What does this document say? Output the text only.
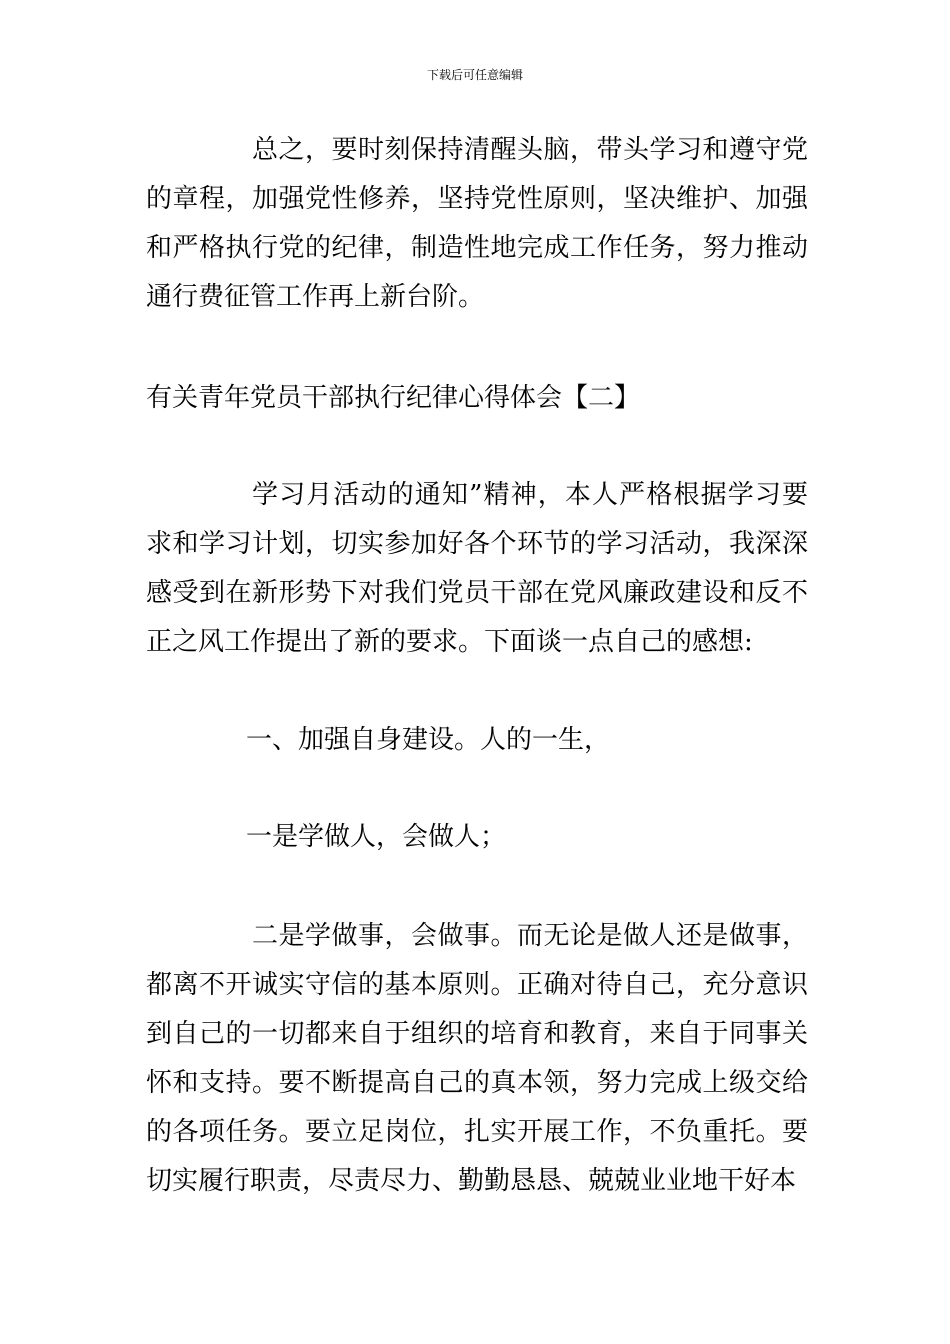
下载后可任意编辑

总之，要时刻保持清醒头脑，带头学习和遵守党的章程，加强党性修养，坚持党性原则，坚决维护、加强和严格执行党的纪律，制造性地完成工作任务，努力推动通行费征管工作再上新台阶。

有关青年党员干部执行纪律心得体会【二】

学习月活动的通知”精神，本人严格根据学习要求和学习计划，切实参加好各个环节的学习活动，我深深感受到在新形势下对我们党员干部在党风廉政建设和反不正之风工作提出了新的要求。下面谈一点自己的感想:

一、加强自身建设。人的一生，

一是学做人，会做人；

二是学做事，会做事。而无论是做人还是做事，都离不开诚实守信的基本原则。正确对待自己，充分意识到自己的一切都来自于组织的培育和教育，来自于同事关怀和支持。要不断提高自己的真本领，努力完成上级交给的各项任务。要立足岗位，扎实开展工作，不负重托。要切实履行职责，尽责尽力、勤勤恳恳、兢兢业业地干好本
